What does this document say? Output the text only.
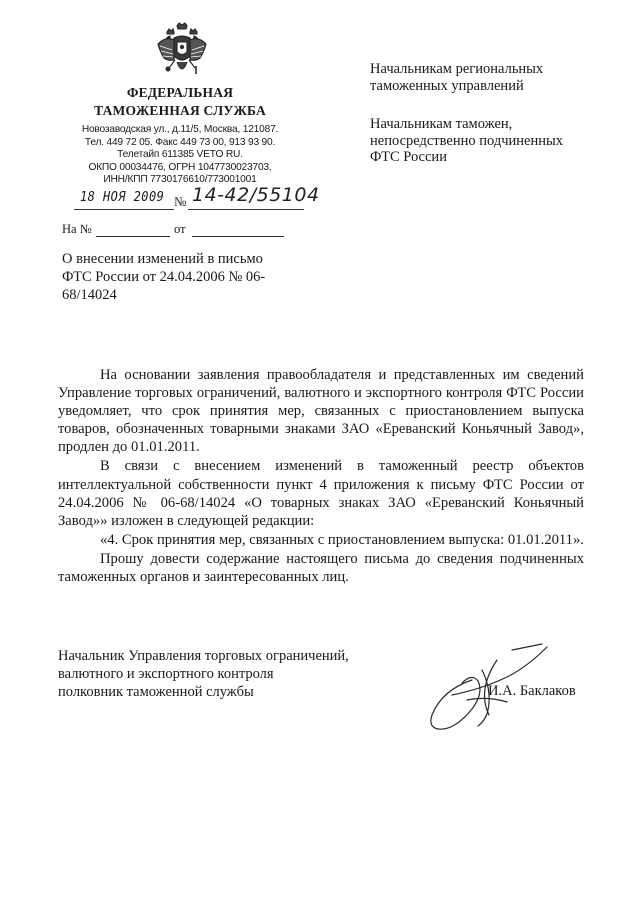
ФЕДЕРАЛЬНАЯ
ТАМОЖЕННАЯ СЛУЖБА
Новозаводская ул., д.11/5, Москва, 121087.
Тел. 449 72 05. Факс 449 73 00, 913 93 90.
Телетайп 611385 VETO RU.
ОКПО 00034476, ОГРН 1047730023703,
ИНН/КПП 7730176610/773001001
Начальникам региональных
таможенных управлений
Начальникам таможен,
непосредственно подчиненных
ФТС России
18 НОЯ 2009 № 14-42/55104
На №	от
О внесении изменений в письмо
ФТС России от 24.04.2006 № 06-
68/14024

На основании заявления правообладателя и представленных им сведений Управление торговых ограничений, валютного и экспортного контроля ФТС России уведомляет, что срок принятия мер, связанных с приостановлением выпуска товаров, обозначенных товарными знаками ЗАО «Ереванский Коньячный Завод», продлен до 01.01.2011.

В связи с внесением изменений в таможенный реестр объектов интеллектуальной собственности пункт 4 приложения к письму ФТС России от 24.04.2006 № 06-68/14024 «О товарных знаках ЗАО «Ереванский Коньячный Завод»» изложен в следующей редакции:

«4. Срок принятия мер, связанных с приостановлением выпуска: 01.01.2011».

Прошу довести содержание настоящего письма до сведения подчиненных таможенных органов и заинтересованных лиц.

Начальник Управления торговых ограничений,
валютного и экспортного контроля
полковник таможенной службы	И.А. Баклаков
